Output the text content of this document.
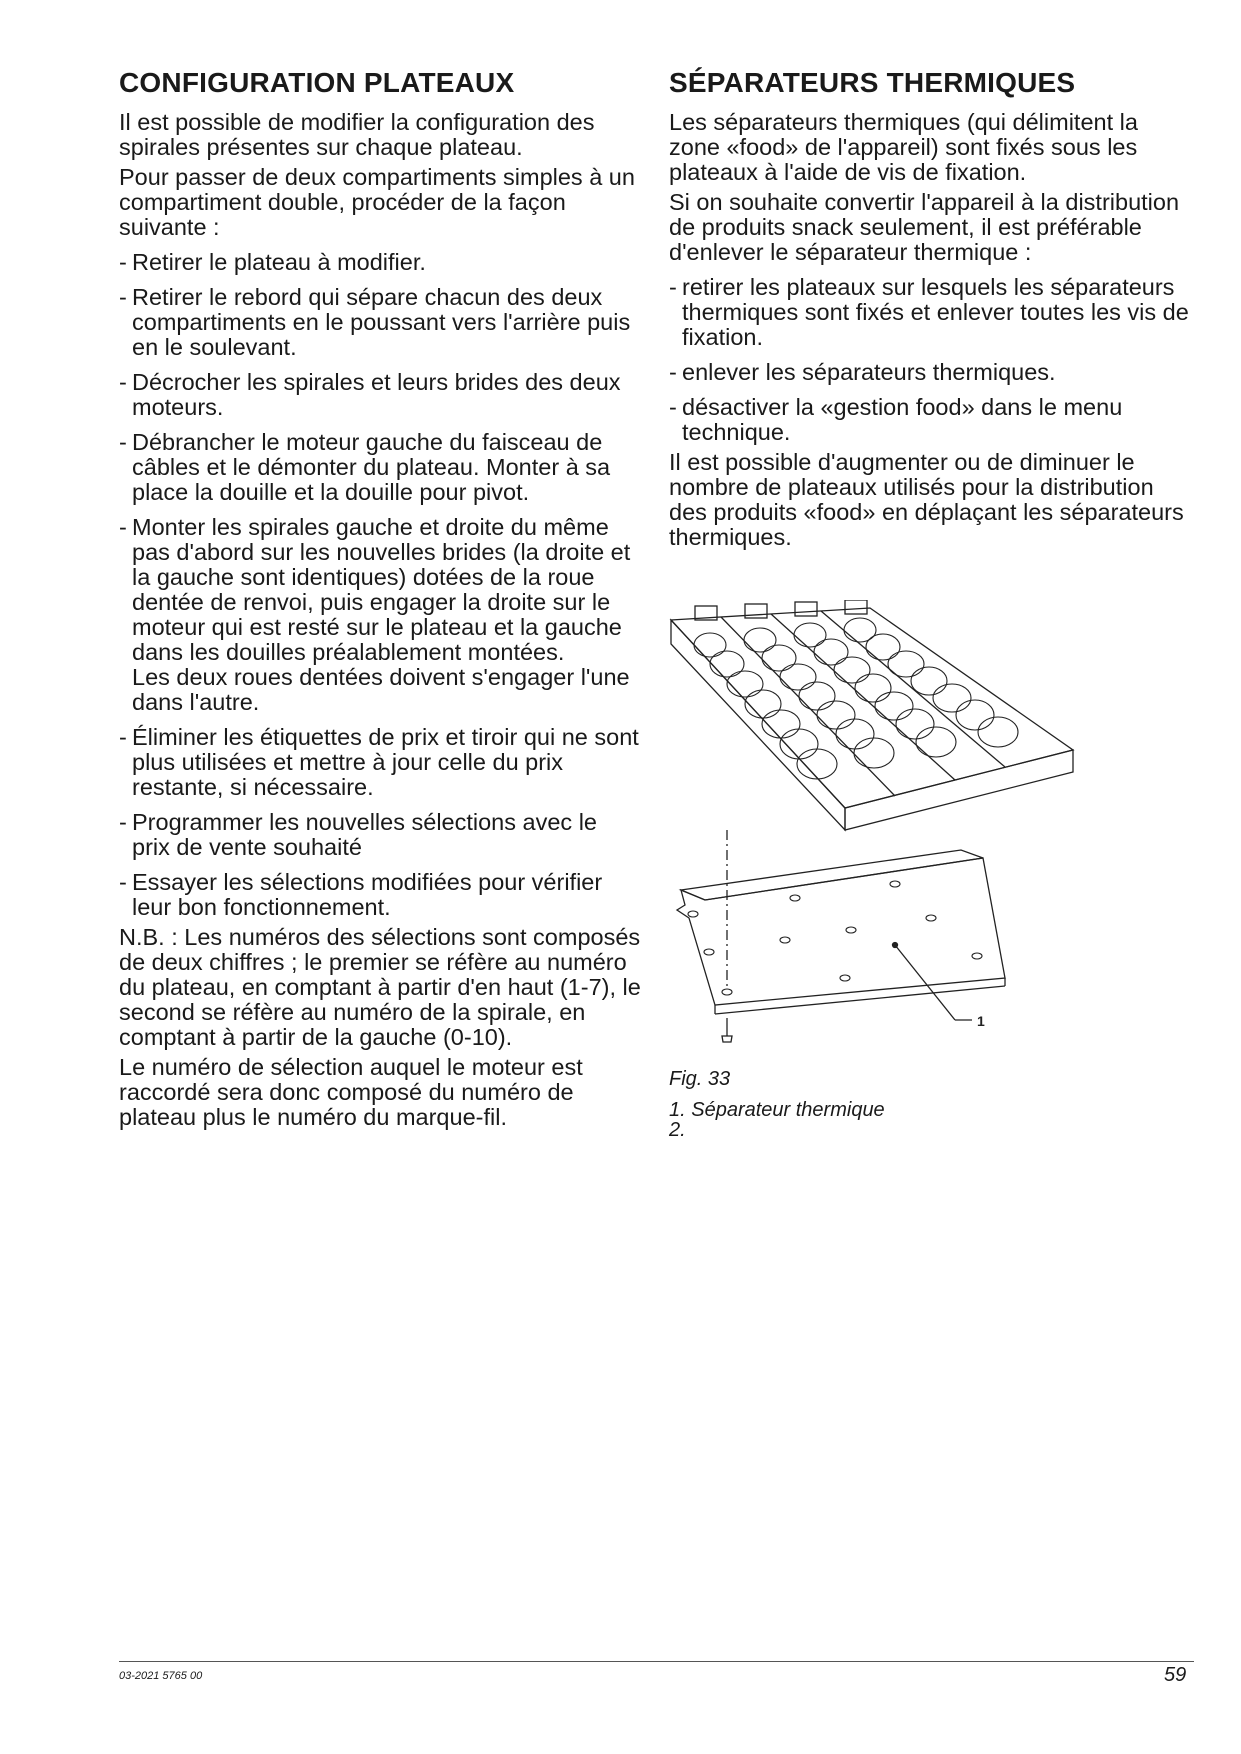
CONFIGURATION PLATEAUX

Il est possible de modifier la configuration des spirales présentes sur chaque plateau.

Pour passer de deux compartiments simples à un compartiment double, procéder de la façon suivante :

- Retirer le plateau à modifier.
- Retirer le rebord qui sépare chacun des deux compartiments en le poussant vers l'arrière puis en le soulevant.
- Décrocher les spirales et leurs brides des deux moteurs.
- Débrancher le moteur gauche du faisceau de câbles et le démonter du plateau. Monter à sa place la douille et la douille pour pivot.
- Monter les spirales gauche et droite du même pas d'abord sur les nouvelles brides (la droite et la gauche sont identiques) dotées de la roue dentée de renvoi, puis engager la droite sur le moteur qui est resté sur le plateau et la gauche dans les douilles préalablement montées.
Les deux roues dentées doivent s'engager l'une dans l'autre.
- Éliminer les étiquettes de prix et tiroir qui ne sont plus utilisées et mettre à jour celle du prix restante, si nécessaire.
- Programmer les nouvelles sélections avec le prix de vente souhaité
- Essayer les sélections modifiées pour vérifier leur bon fonctionnement.

N.B. : Les numéros des sélections sont composés de deux chiffres ; le premier se réfère au numéro du plateau, en comptant à partir d'en haut (1-7), le second se réfère au numéro de la spirale, en comptant à partir de la gauche (0-10).

Le numéro de sélection auquel le moteur est raccordé sera donc composé du numéro de plateau plus le numéro du marque-fil.

SÉPARATEURS THERMIQUES

Les séparateurs thermiques (qui délimitent la zone «food» de l'appareil) sont fixés sous les plateaux à l'aide de vis de fixation.

Si on souhaite convertir l'appareil à la distribution de produits snack seulement, il est préférable d'enlever le séparateur thermique :

- retirer les plateaux sur lesquels les séparateurs thermiques sont fixés et enlever toutes les vis de fixation.
- enlever les séparateurs thermiques.
- désactiver la «gestion food» dans le menu technique.

Il est possible d'augmenter ou de diminuer le nombre de plateaux utilisés pour la distribution des produits «food» en déplaçant les séparateurs thermiques.

1
Fig. 33
1. Séparateur thermique
2.
03-2021 5765 00	59
